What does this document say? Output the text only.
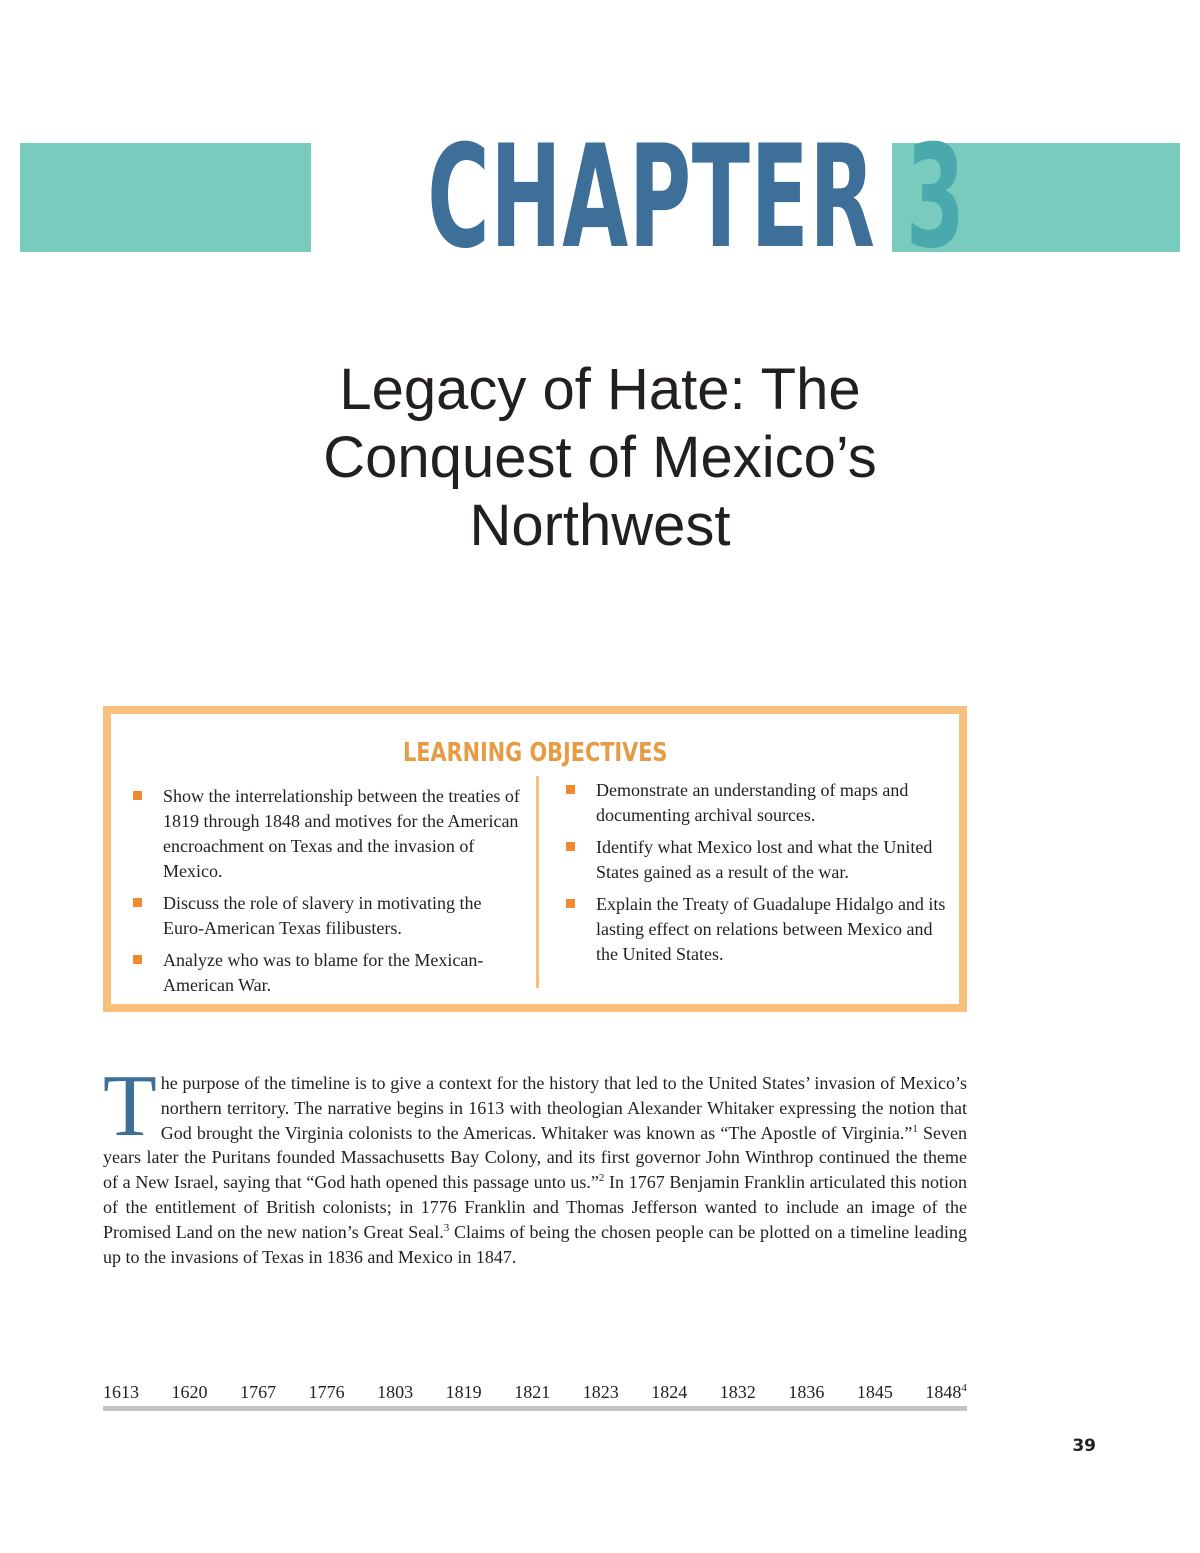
CHAPTER 3
Legacy of Hate: The
Conquest of Mexico’s
Northwest
LEARNING OBJECTIVES
Show the interrelationship between the treaties of 1819 through 1848 and motives for the American encroachment on Texas and the invasion of Mexico.
Discuss the role of slavery in motivating the Euro-American Texas filibusters.
Analyze who was to blame for the Mexican-American War.
Demonstrate an understanding of maps and documenting archival sources.
Identify what Mexico lost and what the United States gained as a result of the war.
Explain the Treaty of Guadalupe Hidalgo and its lasting effect on relations between Mexico and the United States.

The purpose of the timeline is to give a context for the history that led to the United States’ invasion of Mexico’s northern territory. The narrative begins in 1613 with theologian Alexander Whitaker expressing the notion that God brought the Virginia colonists to the Americas. Whitaker was known as “The Apostle of Virginia.”$^1$ Seven years later the Puritans founded Massachusetts Bay Colony, and its first governor John Winthrop continued the theme of a New Israel, saying that “God hath opened this passage unto us.”$^2$ In 1767 Benjamin Franklin articulated this notion of the entitlement of British colonists; in 1776 Franklin and Thomas Jefferson wanted to include an image of the Promised Land on the new nation’s Great Seal.$^3$ Claims of being the chosen people can be plotted on a timeline leading up to the invasions of Texas in 1836 and Mexico in 1847.

1613 1620 1767 1776 1803 1819 1821 1823 1824 1832 1836 1845 1848$^4$
39
